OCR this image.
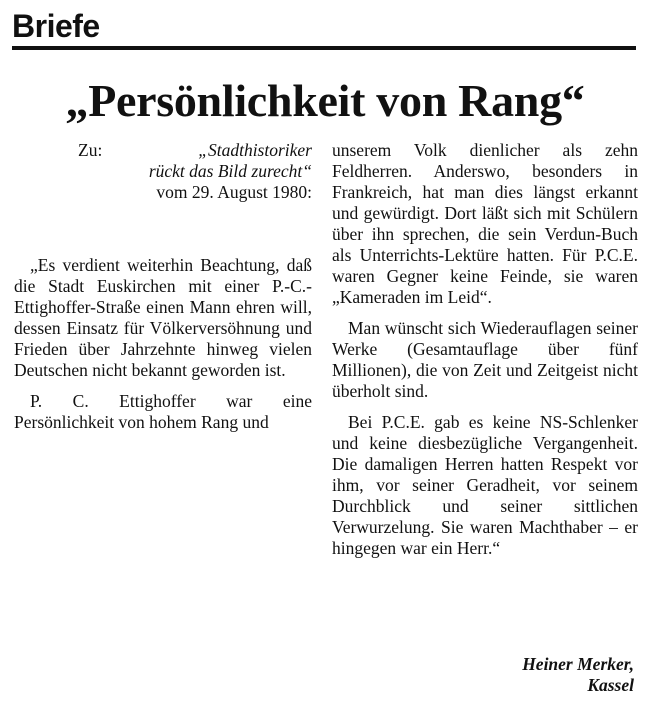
Briefe
„Persönlichkeit von Rang“
Zu:	„Stadthistoriker
rückt das Bild zurecht“
vom 29. August 1980:

„Es verdient weiterhin Beachtung, daß die Stadt Euskirchen mit einer P.-C.-Ettighoffer-Straße einen Mann ehren will, dessen Einsatz für Völkerversöhnung und Frieden über Jahrzehnte hinweg vielen Deutschen nicht bekannt geworden ist.

P. C. Ettighoffer war eine Persönlichkeit von hohem Rang und

unserem Volk dienlicher als zehn Feldherren. Anderswo, besonders in Frankreich, hat man dies längst erkannt und gewürdigt. Dort läßt sich mit Schülern über ihn sprechen, die sein Verdun-Buch als Unterrichts-Lektüre hatten. Für P.C.E. waren Gegner keine Feinde, sie waren „Kameraden im Leid“.

Man wünscht sich Wiederauflagen seiner Werke (Gesamtauflage über fünf Millionen), die von Zeit und Zeitgeist nicht überholt sind.

Bei P.C.E. gab es keine NS-Schlenker und keine diesbezügliche Vergangenheit. Die damaligen Herren hatten Respekt vor ihm, vor seiner Geradheit, vor seinem Durchblick und seiner sittlichen Verwurzelung. Sie waren Machthaber – er hingegen war ein Herr.“

Heiner Merker,
Kassel
